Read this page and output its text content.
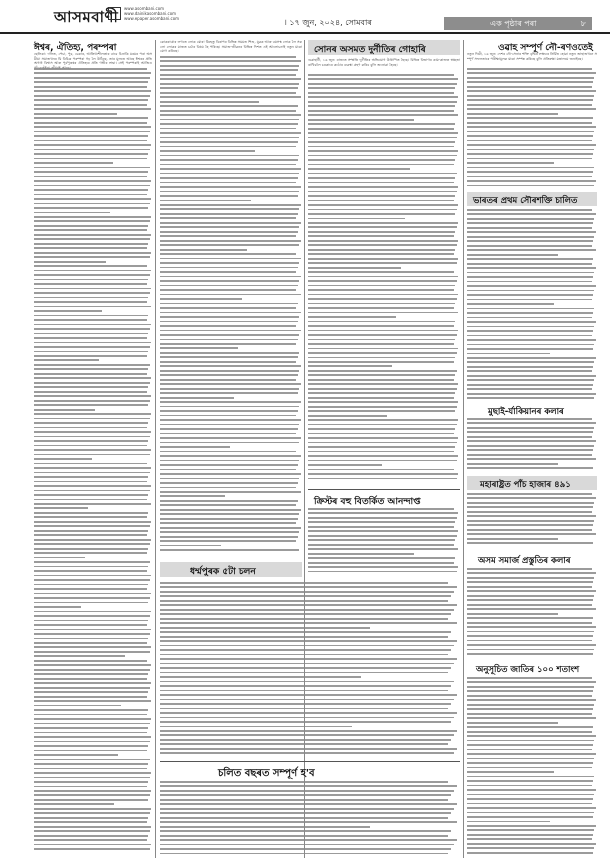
আসমবাণী www.asombani.com
www.dainikasombani.com
www.epaper.asombani.com	। ১৭ জুন, ২০২৪, সোমবাৰ	এক পৃষ্ঠাৰ পৰা	৮
ঈশ্বৰ, ঐতিহ্য, পৰম্পৰা
ছেলিকা: দলিত, পেচা, পুব, চেকাৰ, আতিথ্যশীলতাৰ বাবে চিনাকি মৰমৰ পৰা অসমীয়া সমাজখনৰ যি বিচিত্ৰ পৰম্পৰা গঢ় লৈ উঠিছে, তাৰ মূলতে আছে ঈশ্বৰৰ প্ৰতি অগাধ বিশ্বাস আৰু পূৰ্বপুৰুষৰ ঐতিহ্যৰ প্ৰতি গভীৰ শ্ৰদ্ধা। সেই পৰম্পৰাই আজিও
কোকৰাঝাৰ লগতে লোক যোৰা যিহেতু বিৰাপৰ বিভিন্ন সময়ত শিশু, যুৱক আৰু বয়সস্থ লোক লৈ সকলো লোকৰ মাজত চৰ্চাৰ বিষয় হৈ পৰিছে। সমাজ-জীৱনৰ বিভিন্ন দিশত এই আলোচনাই নতুন মাত্ৰা যোগ কৰিছে।
ধৰ্ম্মপুৰক ৫টা চলন
চলিত বছৰত সম্পূৰ্ণ হ'ব
সোনৰ অসমত দুৰ্নীতিৰ গোহাৰি
গুৱাহাটী, ১৬ জুন: ৰাজ্যত সম্প্ৰতি দুৰ্নীতিৰ অভিযোগ উত্থাপিত হৈছে। বিভিন্ন বিভাগৰ কাম-কাজত স্বচ্ছতা ৰাখিবলৈ চৰকাৰে কঠোৰ ব্যৱস্থা গ্ৰহণ কৰিব বুলি জনোৱা হৈছে।
ক্ৰিস্টৰ বহু বিতৰ্কিত আনন্দাপ্ত
ওৱাহ সম্পূৰ্ণ নৌ-ৰণওতেই
নতুন দিল্লী, ১৬ জুন: দেশৰ নৌ-সেনাৰ শক্তি বৃদ্ধিৰ লক্ষ্যৰে নিৰ্মিত হোৱা নতুন জাহাজখনে সম্পূৰ্ণ সফলতাৰে পৰীক্ষামূলক যাত্ৰা সম্পন্ন কৰিছে বুলি প্ৰতিৰক্ষা মন্ত্ৰালয়ে জনাইছে।
ভাৰতৰ প্ৰথম সৌৰশক্তি চালিত
মুছাই-ৰ্যাকিয়ানৰ কলাৰ
মহাৰাষ্ট্ৰত পাঁচ হাজাৰ ৪৯১
অসম সমাৰ্জ প্ৰস্তুতিৰ কলাৰ
অনুসূচিত জাতিৰ ১০০ শতাংশ
